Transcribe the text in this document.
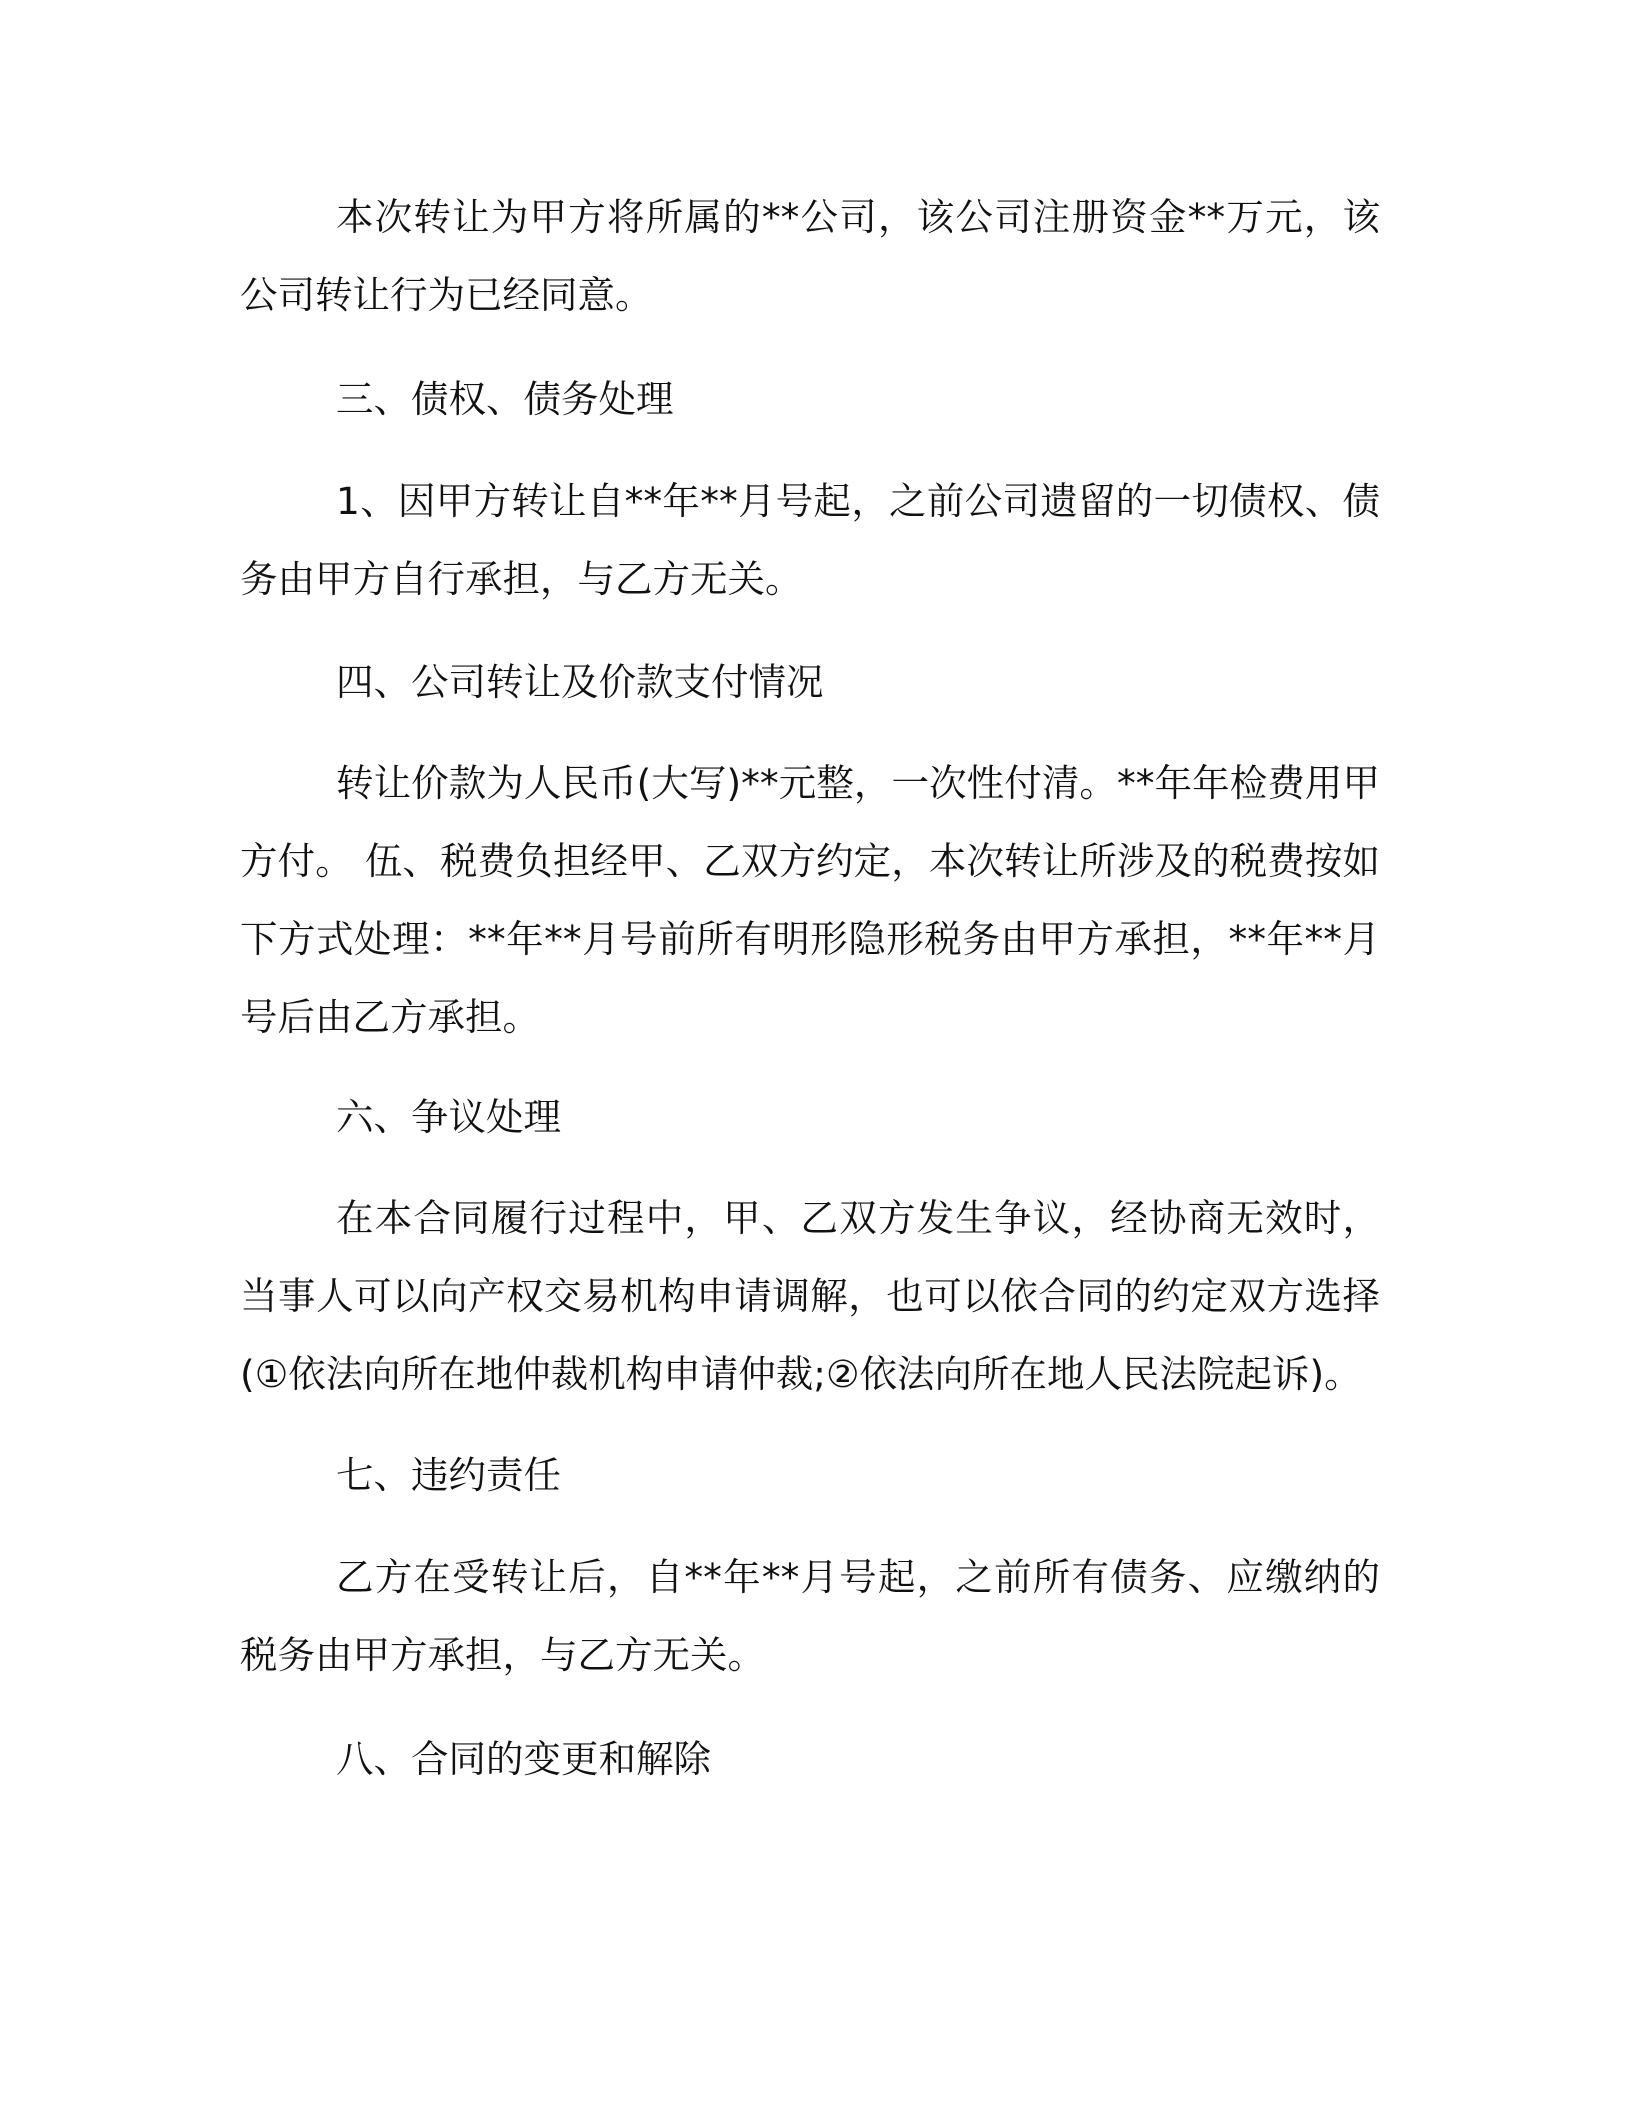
本次转让为甲方将所属的**公司，该公司注册资金**万元，该公司转让行为已经同意。

三、债权、债务处理

1、因甲方转让自**年**月号起，之前公司遗留的一切债权、债务由甲方自行承担，与乙方无关。

四、公司转让及价款支付情况

转让价款为人民币(大写)**元整，一次性付清。**年年检费用甲方付。 伍、税费负担经甲、乙双方约定，本次转让所涉及的税费按如下方式处理：**年**月号前所有明形隐形税务由甲方承担，**年**月号后由乙方承担。

六、争议处理

在本合同履行过程中，甲、乙双方发生争议，经协商无效时，当事人可以向产权交易机构申请调解，也可以依合同的约定双方选择 (①依法向所在地仲裁机构申请仲裁;②依法向所在地人民法院起诉)。

七、违约责任

乙方在受转让后，自**年**月号起，之前所有债务、应缴纳的税务由甲方承担，与乙方无关。

八、合同的变更和解除
